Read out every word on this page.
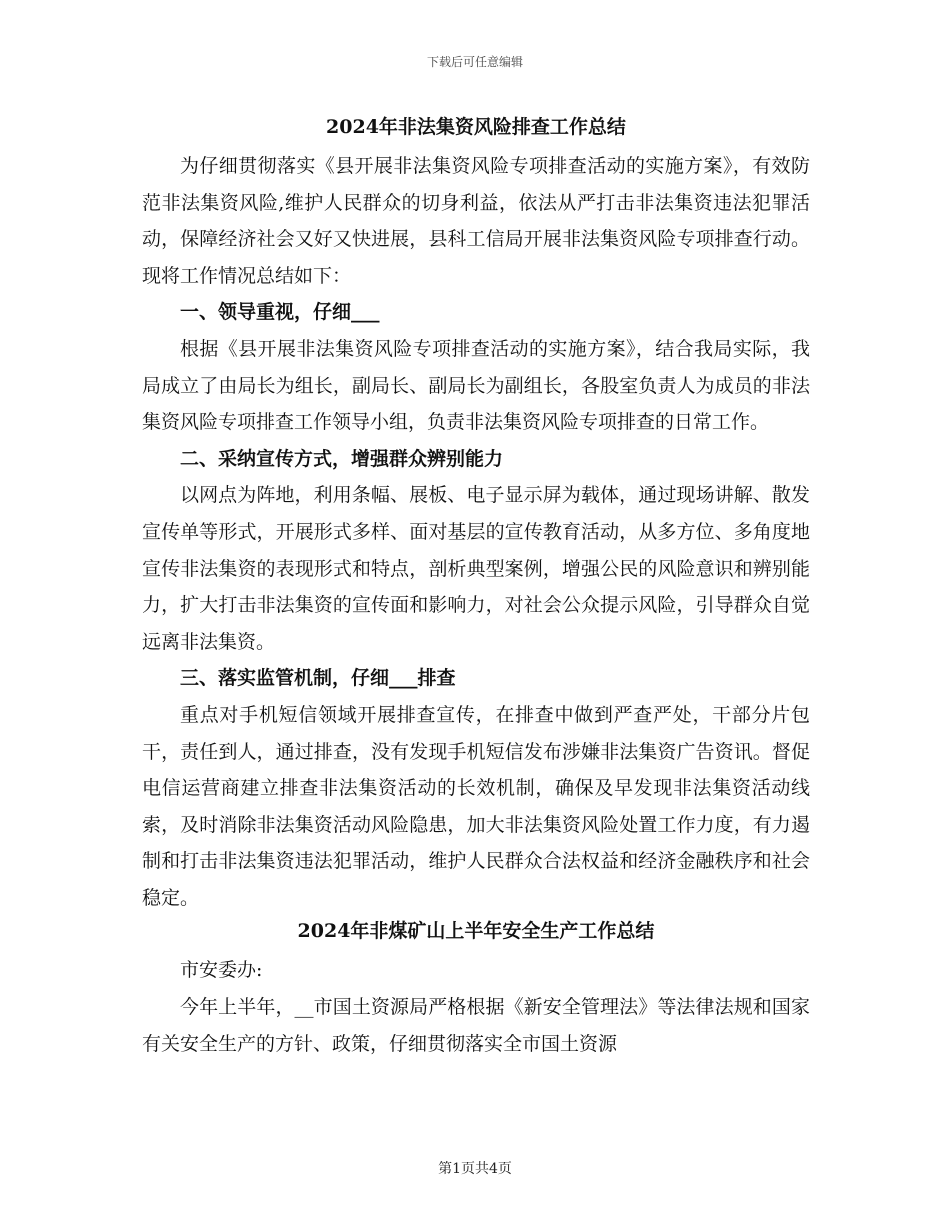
下载后可任意编辑
2024年非法集资风险排查工作总结

为仔细贯彻落实《县开展非法集资风险专项排查活动的实施方案》，有效防范非法集资风险,维护人民群众的切身利益，依法从严打击非法集资违法犯罪活动，保障经济社会又好又快进展，县科工信局开展非法集资风险专项排查行动。现将工作情况总结如下：

一、领导重视，仔细___

根据《县开展非法集资风险专项排查活动的实施方案》，结合我局实际，我局成立了由局长为组长，副局长、副局长为副组长，各股室负责人为成员的非法集资风险专项排查工作领导小组，负责非法集资风险专项排查的日常工作。

二、采纳宣传方式，增强群众辨别能力

以网点为阵地，利用条幅、展板、电子显示屏为载体，通过现场讲解、散发宣传单等形式，开展形式多样、面对基层的宣传教育活动，从多方位、多角度地宣传非法集资的表现形式和特点，剖析典型案例，增强公民的风险意识和辨别能力，扩大打击非法集资的宣传面和影响力，对社会公众提示风险，引导群众自觉远离非法集资。

三、落实监管机制，仔细___排查

重点对手机短信领域开展排查宣传，在排查中做到严查严处，干部分片包干，责任到人，通过排查，没有发现手机短信发布涉嫌非法集资广告资讯。督促电信运营商建立排查非法集资活动的长效机制，确保及早发现非法集资活动线索，及时消除非法集资活动风险隐患，加大非法集资风险处置工作力度，有力遏制和打击非法集资违法犯罪活动，维护人民群众合法权益和经济金融秩序和社会稳定。

2024年非煤矿山上半年安全生产工作总结

市安委办:

今年上半年，__市国土资源局严格根据《新安全管理法》等法律法规和国家有关安全生产的方针、政策，仔细贯彻落实全市国土资源

第1页共4页
